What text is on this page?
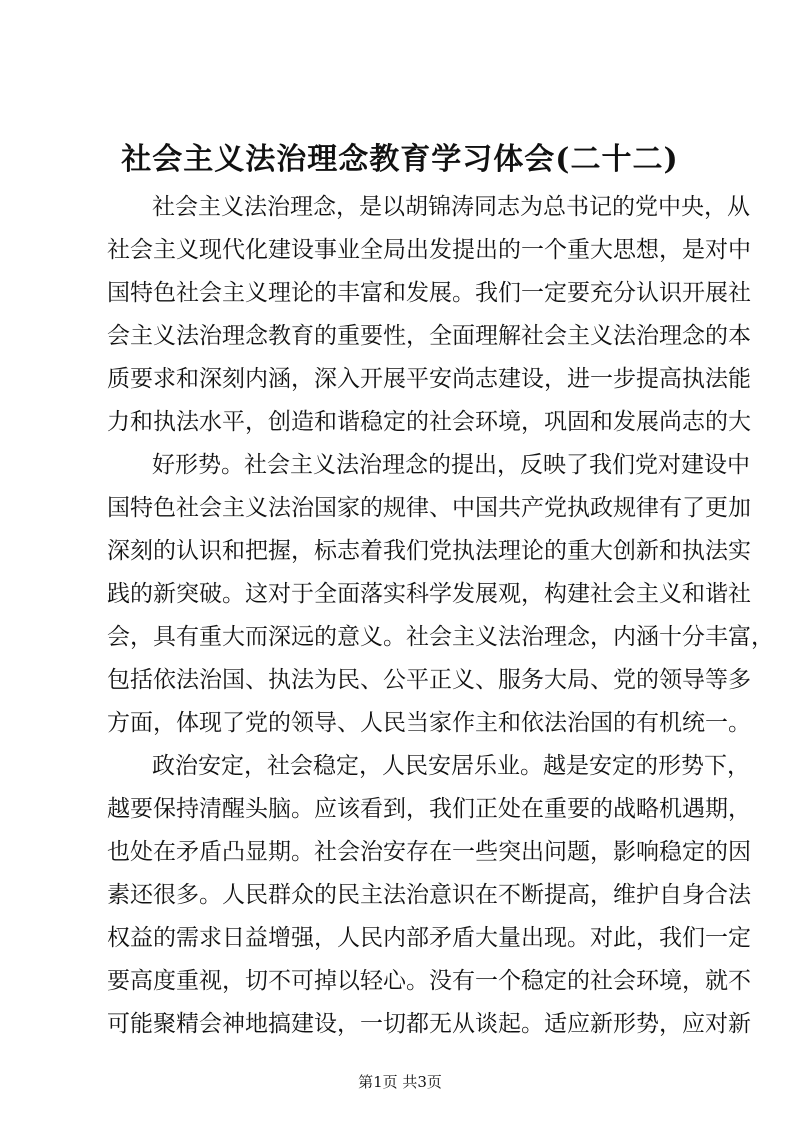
社会主义法治理念教育学习体会(二十二)
社会主义法治理念，是以胡锦涛同志为总书记的党中央，从
社会主义现代化建设事业全局出发提出的一个重大思想，是对中
国特色社会主义理论的丰富和发展。我们一定要充分认识开展社
会主义法治理念教育的重要性，全面理解社会主义法治理念的本
质要求和深刻内涵，深入开展平安尚志建设，进一步提高执法能
力和执法水平，创造和谐稳定的社会环境，巩固和发展尚志的大
好形势。社会主义法治理念的提出，反映了我们党对建设中
国特色社会主义法治国家的规律、中国共产党执政规律有了更加
深刻的认识和把握，标志着我们党执法理论的重大创新和执法实
践的新突破。这对于全面落实科学发展观，构建社会主义和谐社
会，具有重大而深远的意义。社会主义法治理念，内涵十分丰富，
包括依法治国、执法为民、公平正义、服务大局、党的领导等多
方面，体现了党的领导、人民当家作主和依法治国的有机统一。
政治安定，社会稳定，人民安居乐业。越是安定的形势下，
越要保持清醒头脑。应该看到，我们正处在重要的战略机遇期，
也处在矛盾凸显期。社会治安存在一些突出问题，影响稳定的因
素还很多。人民群众的民主法治意识在不断提高，维护自身合法
权益的需求日益增强，人民内部矛盾大量出现。对此，我们一定
要高度重视，切不可掉以轻心。没有一个稳定的社会环境，就不
可能聚精会神地搞建设，一切都无从谈起。适应新形势，应对新
第1页 共3页
